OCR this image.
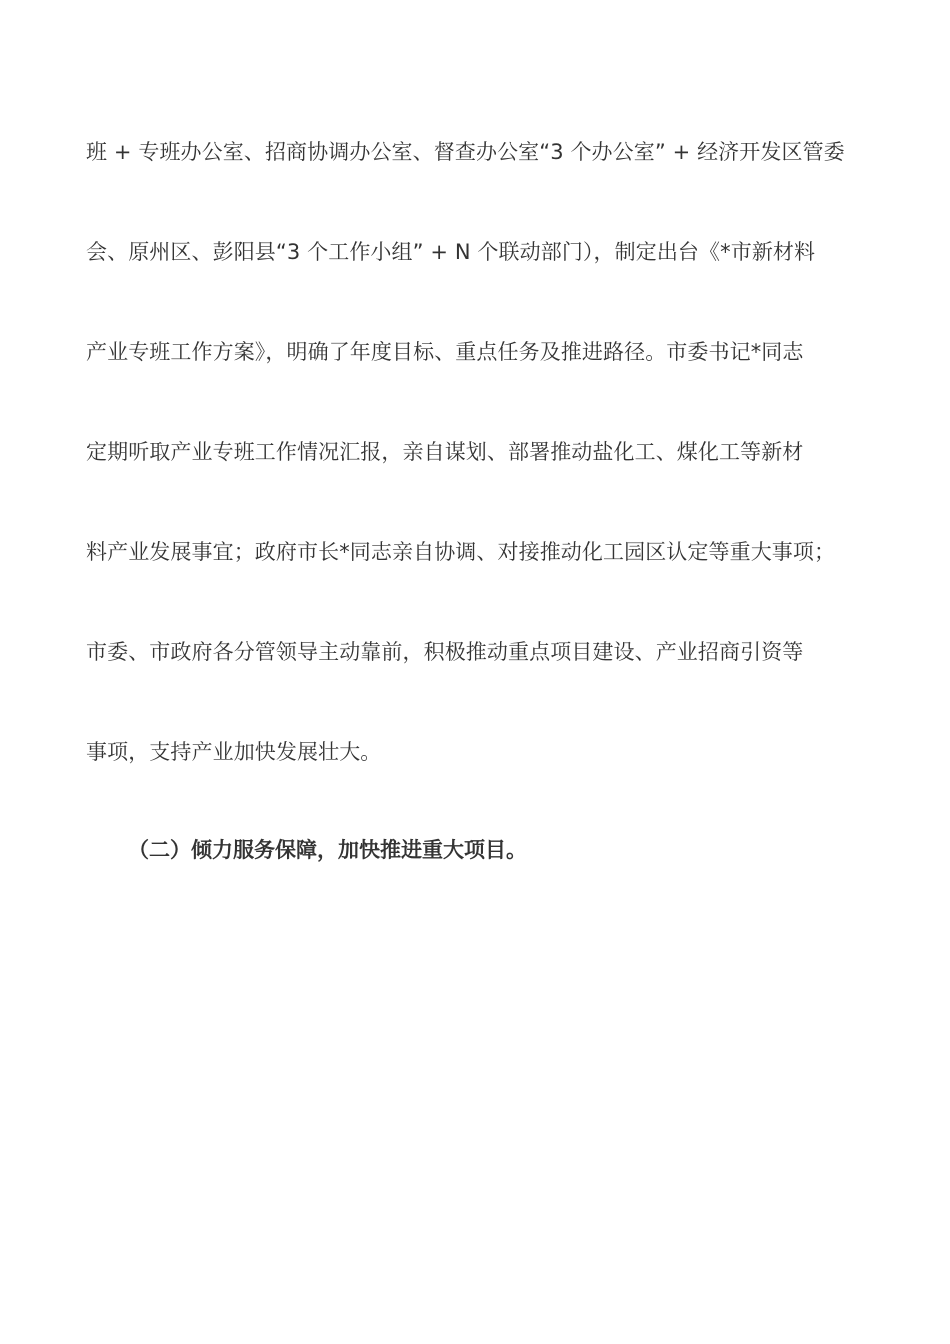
班 + 专班办公室、招商协调办公室、督查办公室“3 个办公室” + 经济开发区管委
会、原州区、彭阳县“3 个工作小组” + N 个联动部门），制定出台《*市新材料
产业专班工作方案》，明确了年度目标、重点任务及推进路径。市委书记*同志
定期听取产业专班工作情况汇报，亲自谋划、部署推动盐化工、煤化工等新材
料产业发展事宜；政府市长*同志亲自协调、对接推动化工园区认定等重大事项；
市委、市政府各分管领导主动靠前，积极推动重点项目建设、产业招商引资等
事项，支持产业加快发展壮大。

（二）倾力服务保障，加快推进重大项目。
